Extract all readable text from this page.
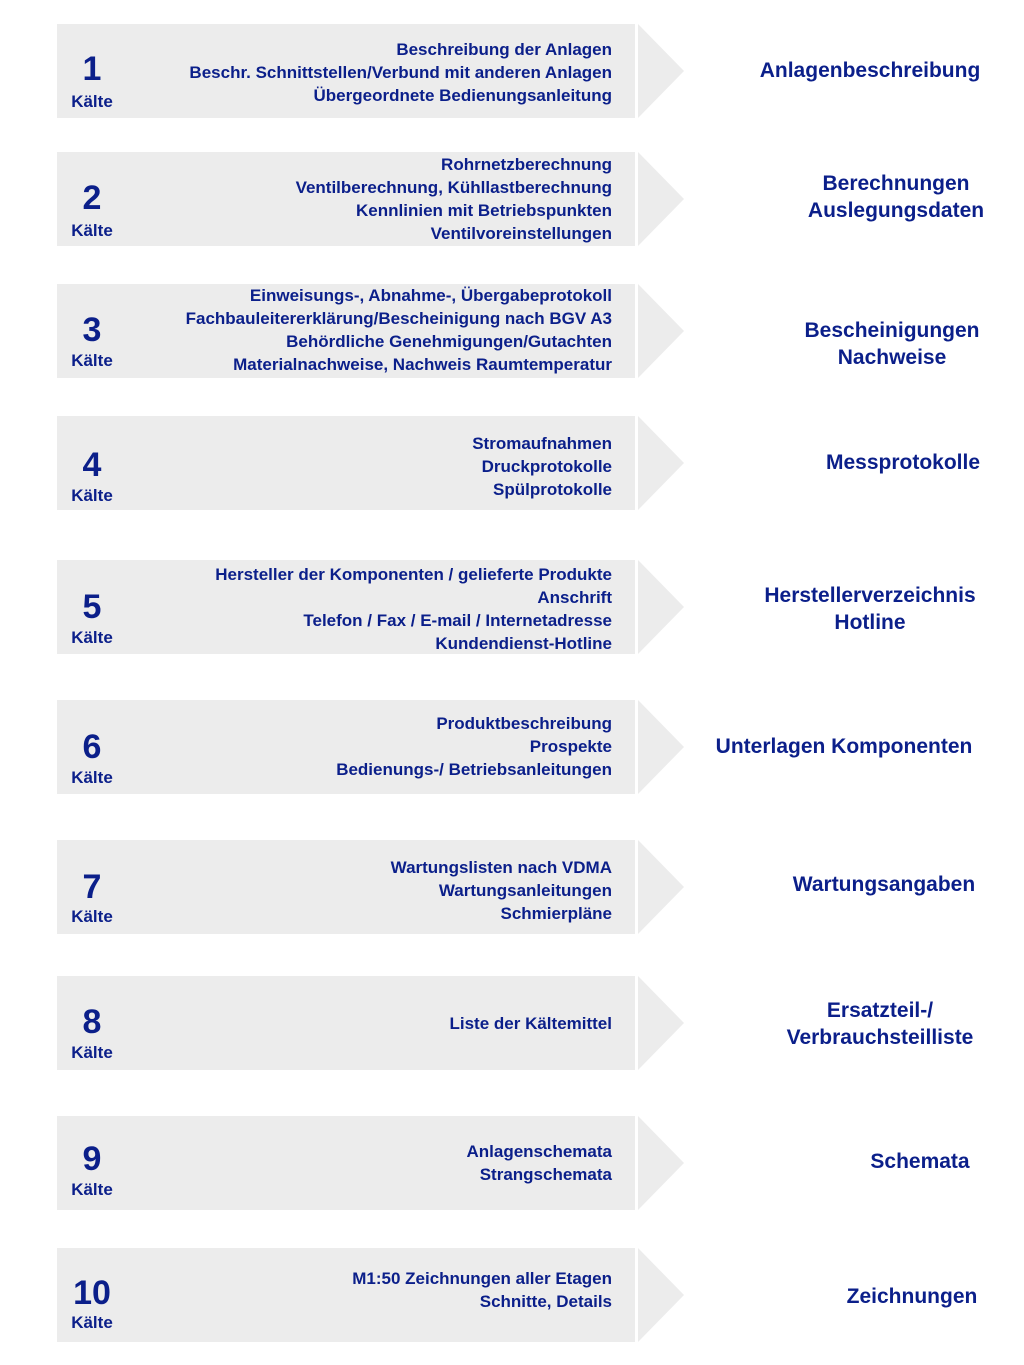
1
Kälte
Beschreibung der Anlagen
Beschr. Schnittstellen/Verbund mit anderen Anlagen
Übergeordnete Bedienungsanleitung
Anlagenbeschreibung
2
Kälte
Rohrnetzberechnung
Ventilberechnung, Kühllastberechnung
Kennlinien mit Betriebspunkten
Ventilvoreinstellungen
Berechnungen
Auslegungsdaten
3
Kälte
Einweisungs-, Abnahme-, Übergabeprotokoll
Fachbauleitererklärung/Bescheinigung nach BGV A3
Behördliche Genehmigungen/Gutachten
Materialnachweise, Nachweis Raumtemperatur
Bescheinigungen
Nachweise
4
Kälte
Stromaufnahmen
Druckprotokolle
Spülprotokolle
Messprotokolle
5
Kälte
Hersteller der Komponenten / gelieferte Produkte
Anschrift
Telefon / Fax / E-mail / Internetadresse
Kundendienst-Hotline
Herstellerverzeichnis
Hotline
6
Kälte
Produktbeschreibung
Prospekte
Bedienungs-/ Betriebsanleitungen
Unterlagen Komponenten
7
Kälte
Wartungslisten nach VDMA
Wartungsanleitungen
Schmierpläne
Wartungsangaben
8
Kälte
Liste der Kältemittel
Ersatzteil-/
Verbrauchsteilliste
9
Kälte
Anlagenschemata
Strangschemata
Schemata
10
Kälte
M1:50 Zeichnungen aller Etagen
Schnitte, Details	Zeichnungen
